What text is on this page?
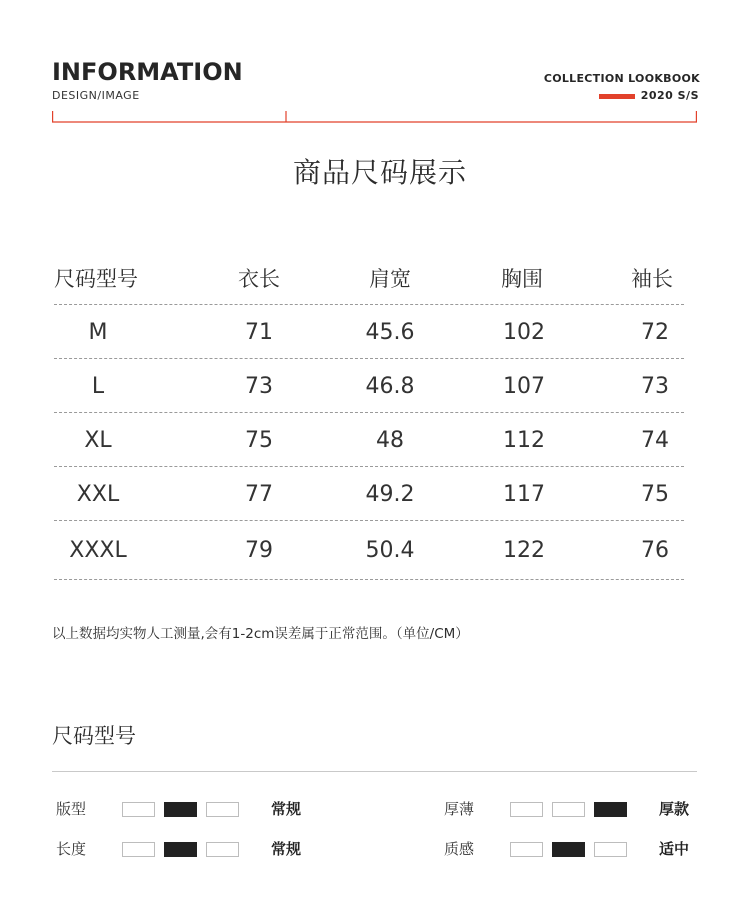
INFORMATION
DESIGN/IMAGE
COLLECTION LOOKBOOK
2020 S/S
商品尺码展示
尺码型号	衣长	肩宽	胸围	袖长
M	71	45.6	102	72
L	73	46.8	107	73
XL	75	48	112	74
XXL	77	49.2	117	75
XXXL	79	50.4	122	76
以上数据均实物人工测量,会有1-2cm误差属于正常范围。（单位/CM）
尺码型号
版型	常规
长度	常规
厚薄	厚款
质感	适中
